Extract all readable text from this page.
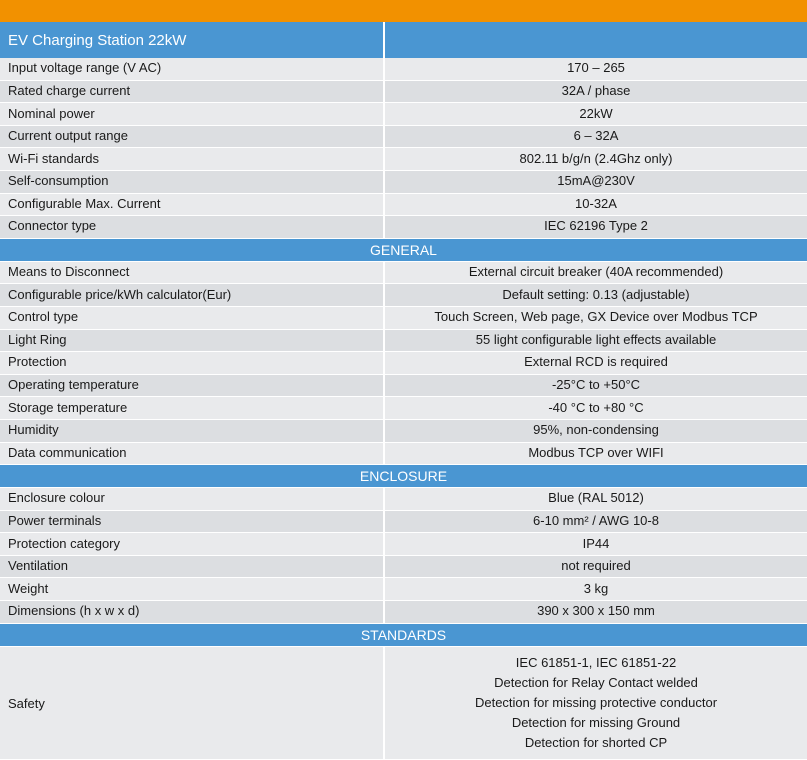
EV Charging Station 22kW	
Input voltage range (V AC)	170 – 265
Rated charge current	32A / phase
Nominal power	22kW
Current output range	6 – 32A
Wi-Fi standards	802.11 b/g/n (2.4Ghz only)
Self-consumption	15mA@230V
Configurable Max. Current	10-32A
Connector type	IEC 62196 Type 2
GENERAL	
Means to Disconnect	External circuit breaker (40A recommended)
Configurable price/kWh calculator(Eur)	Default setting: 0.13 (adjustable)
Control type	Touch Screen, Web page, GX Device over Modbus TCP
Light Ring	55 light configurable light effects available
Protection	External RCD is required
Operating temperature	-25°C to +50°C
Storage temperature	-40 °C to +80 °C
Humidity	95%, non-condensing
Data communication	Modbus TCP over WIFI
ENCLOSURE	
Enclosure colour	Blue (RAL 5012)
Power terminals	6-10 mm² / AWG 10-8
Protection category	IP44
Ventilation	not required
Weight	3 kg
Dimensions (h x w x d)	390 x 300 x 150 mm
STANDARDS	
Safety	IEC 61851-1, IEC 61851-22
Detection for Relay Contact welded
Detection for missing protective conductor
Detection for missing Ground
Detection for shorted CP
